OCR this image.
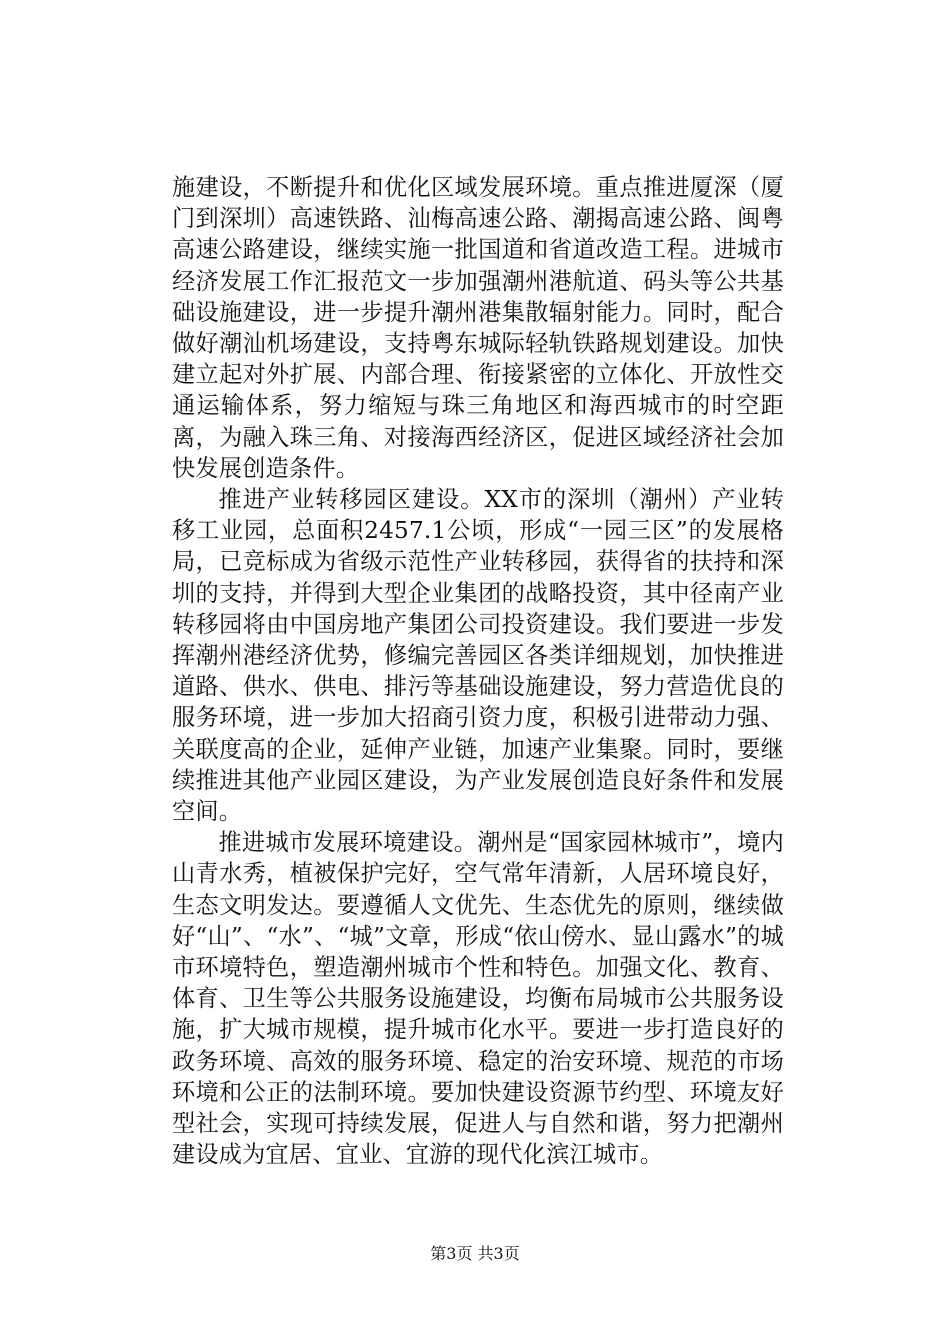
施建设，不断提升和优化区域发展环境。重点推进厦深（厦门到深圳）高速铁路、汕梅高速公路、潮揭高速公路、闽粤高速公路建设，继续实施一批国道和省道改造工程。进城市经济发展工作汇报范文一步加强潮州港航道、码头等公共基础设施建设，进一步提升潮州港集散辐射能力。同时，配合做好潮汕机场建设，支持粤东城际轻轨铁路规划建设。加快建立起对外扩展、内部合理、衔接紧密的立体化、开放性交通运输体系，努力缩短与珠三角地区和海西城市的时空距离，为融入珠三角、对接海西经济区，促进区域经济社会加快发展创造条件。

推进产业转移园区建设。XX市的深圳（潮州）产业转移工业园，总面积2457.1公顷，形成“一园三区”的发展格局，已竞标成为省级示范性产业转移园，获得省的扶持和深圳的支持，并得到大型企业集团的战略投资，其中径南产业转移园将由中国房地产集团公司投资建设。我们要进一步发挥潮州港经济优势，修编完善园区各类详细规划，加快推进道路、供水、供电、排污等基础设施建设，努力营造优良的服务环境，进一步加大招商引资力度，积极引进带动力强、关联度高的企业，延伸产业链，加速产业集聚。同时，要继续推进其他产业园区建设，为产业发展创造良好条件和发展空间。

推进城市发展环境建设。潮州是“国家园林城市”，境内山青水秀，植被保护完好，空气常年清新，人居环境良好，生态文明发达。要遵循人文优先、生态优先的原则，继续做好“山”、“水”、“城”文章，形成“依山傍水、显山露水”的城市环境特色，塑造潮州城市个性和特色。加强文化、教育、体育、卫生等公共服务设施建设，均衡布局城市公共服务设施，扩大城市规模，提升城市化水平。要进一步打造良好的政务环境、高效的服务环境、稳定的治安环境、规范的市场环境和公正的法制环境。要加快建设资源节约型、环境友好型社会，实现可持续发展，促进人与自然和谐，努力把潮州建设成为宜居、宜业、宜游的现代化滨江城市。

第3页 共3页
